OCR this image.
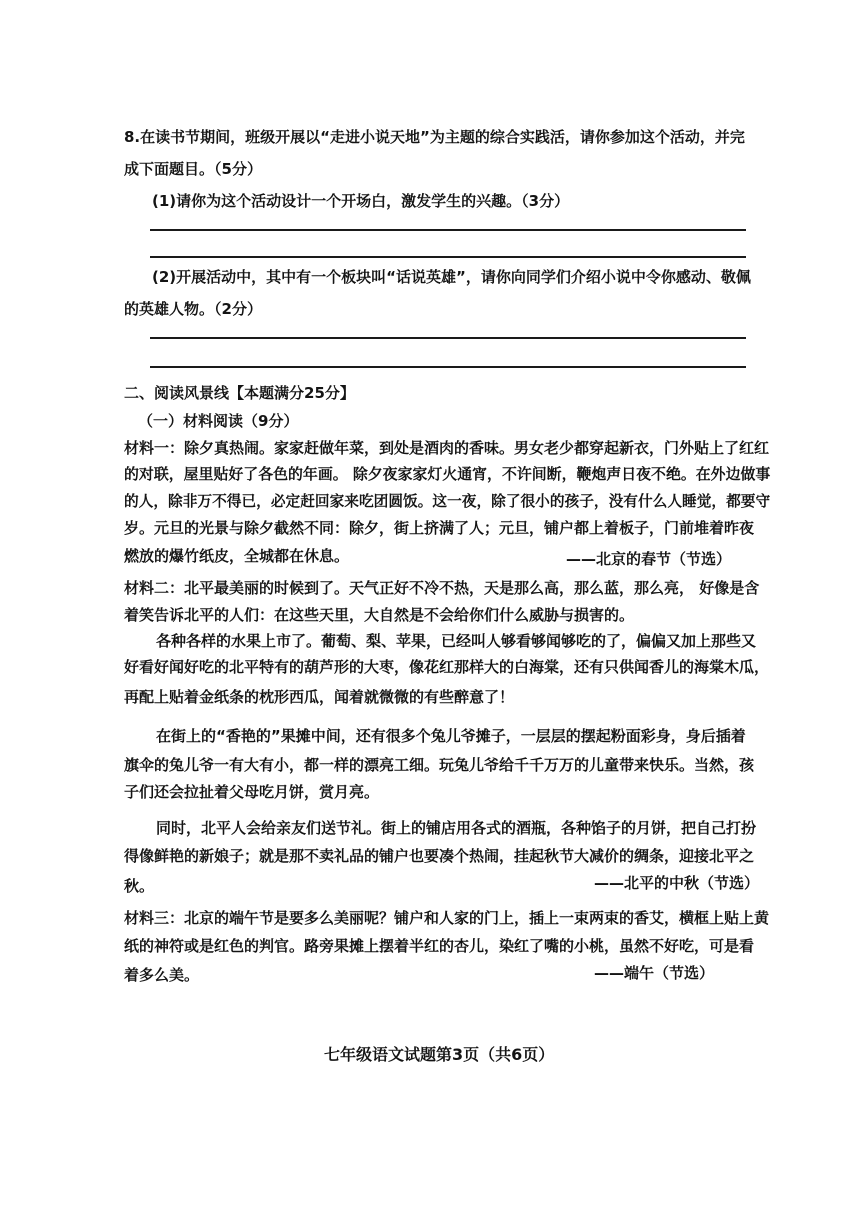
8.在读书节期间，班级开展以“走进小说天地”为主题的综合实践活，请你参加这个活动，并完
成下面题目。（5分）
(1)请你为这个活动设计一个开场白，激发学生的兴趣。（3分）
(2)开展活动中，其中有一个板块叫“话说英雄”，请你向同学们介绍小说中令你感动、敬佩
的英雄人物。（2分）
二、阅读风景线【本题满分25分】
（一）材料阅读（9分）
材料一：除夕真热闹。家家赶做年菜，到处是酒肉的香味。男女老少都穿起新衣，门外贴上了红红
的对联，屋里贴好了各色的年画。 除夕夜家家灯火通宵，不许间断，鞭炮声日夜不绝。在外边做事
的人，除非万不得已，必定赶回家来吃团圆饭。这一夜，除了很小的孩子，没有什么人睡觉，都要守
岁。元旦的光景与除夕截然不同：除夕，街上挤满了人；元旦，铺户都上着板子，门前堆着昨夜
燃放的爆竹纸皮，全城都在休息。	——北京的春节（节选）
材料二：北平最美丽的时候到了。天气正好不冷不热，天是那么高，那么蓝，那么亮， 好像是含
着笑告诉北平的人们：在这些天里，大自然是不会给你们什么威胁与损害的。
各种各样的水果上市了。葡萄、梨、苹果，已经叫人够看够闻够吃的了，偏偏又加上那些又
好看好闻好吃的北平特有的葫芦形的大枣，像花红那样大的白海棠，还有只供闻香儿的海棠木瓜，
再配上贴着金纸条的枕形西瓜，闻着就微微的有些醉意了！
在街上的“香艳的”果摊中间，还有很多个兔儿爷摊子，一层层的摆起粉面彩身，身后插着
旗伞的兔儿爷一有大有小，都一样的漂亮工细。玩兔儿爷给千千万万的儿童带来快乐。当然，孩
子们还会拉扯着父母吃月饼，赏月亮。
同时，北平人会给亲友们送节礼。街上的铺店用各式的酒瓶，各种馅子的月饼，把自己打扮
得像鲜艳的新娘子；就是那不卖礼品的铺户也要凑个热闹，挂起秋节大减价的绸条，迎接北平之
秋。	——北平的中秋（节选）
材料三：北京的端午节是要多么美丽呢？铺户和人家的门上，插上一束两束的香艾，横框上贴上黄
纸的神符或是红色的判官。路旁果摊上摆着半红的杏儿，染红了嘴的小桃，虽然不好吃，可是看
着多么美。	——端午（节选）
七年级语文试题第3页（共6页）
